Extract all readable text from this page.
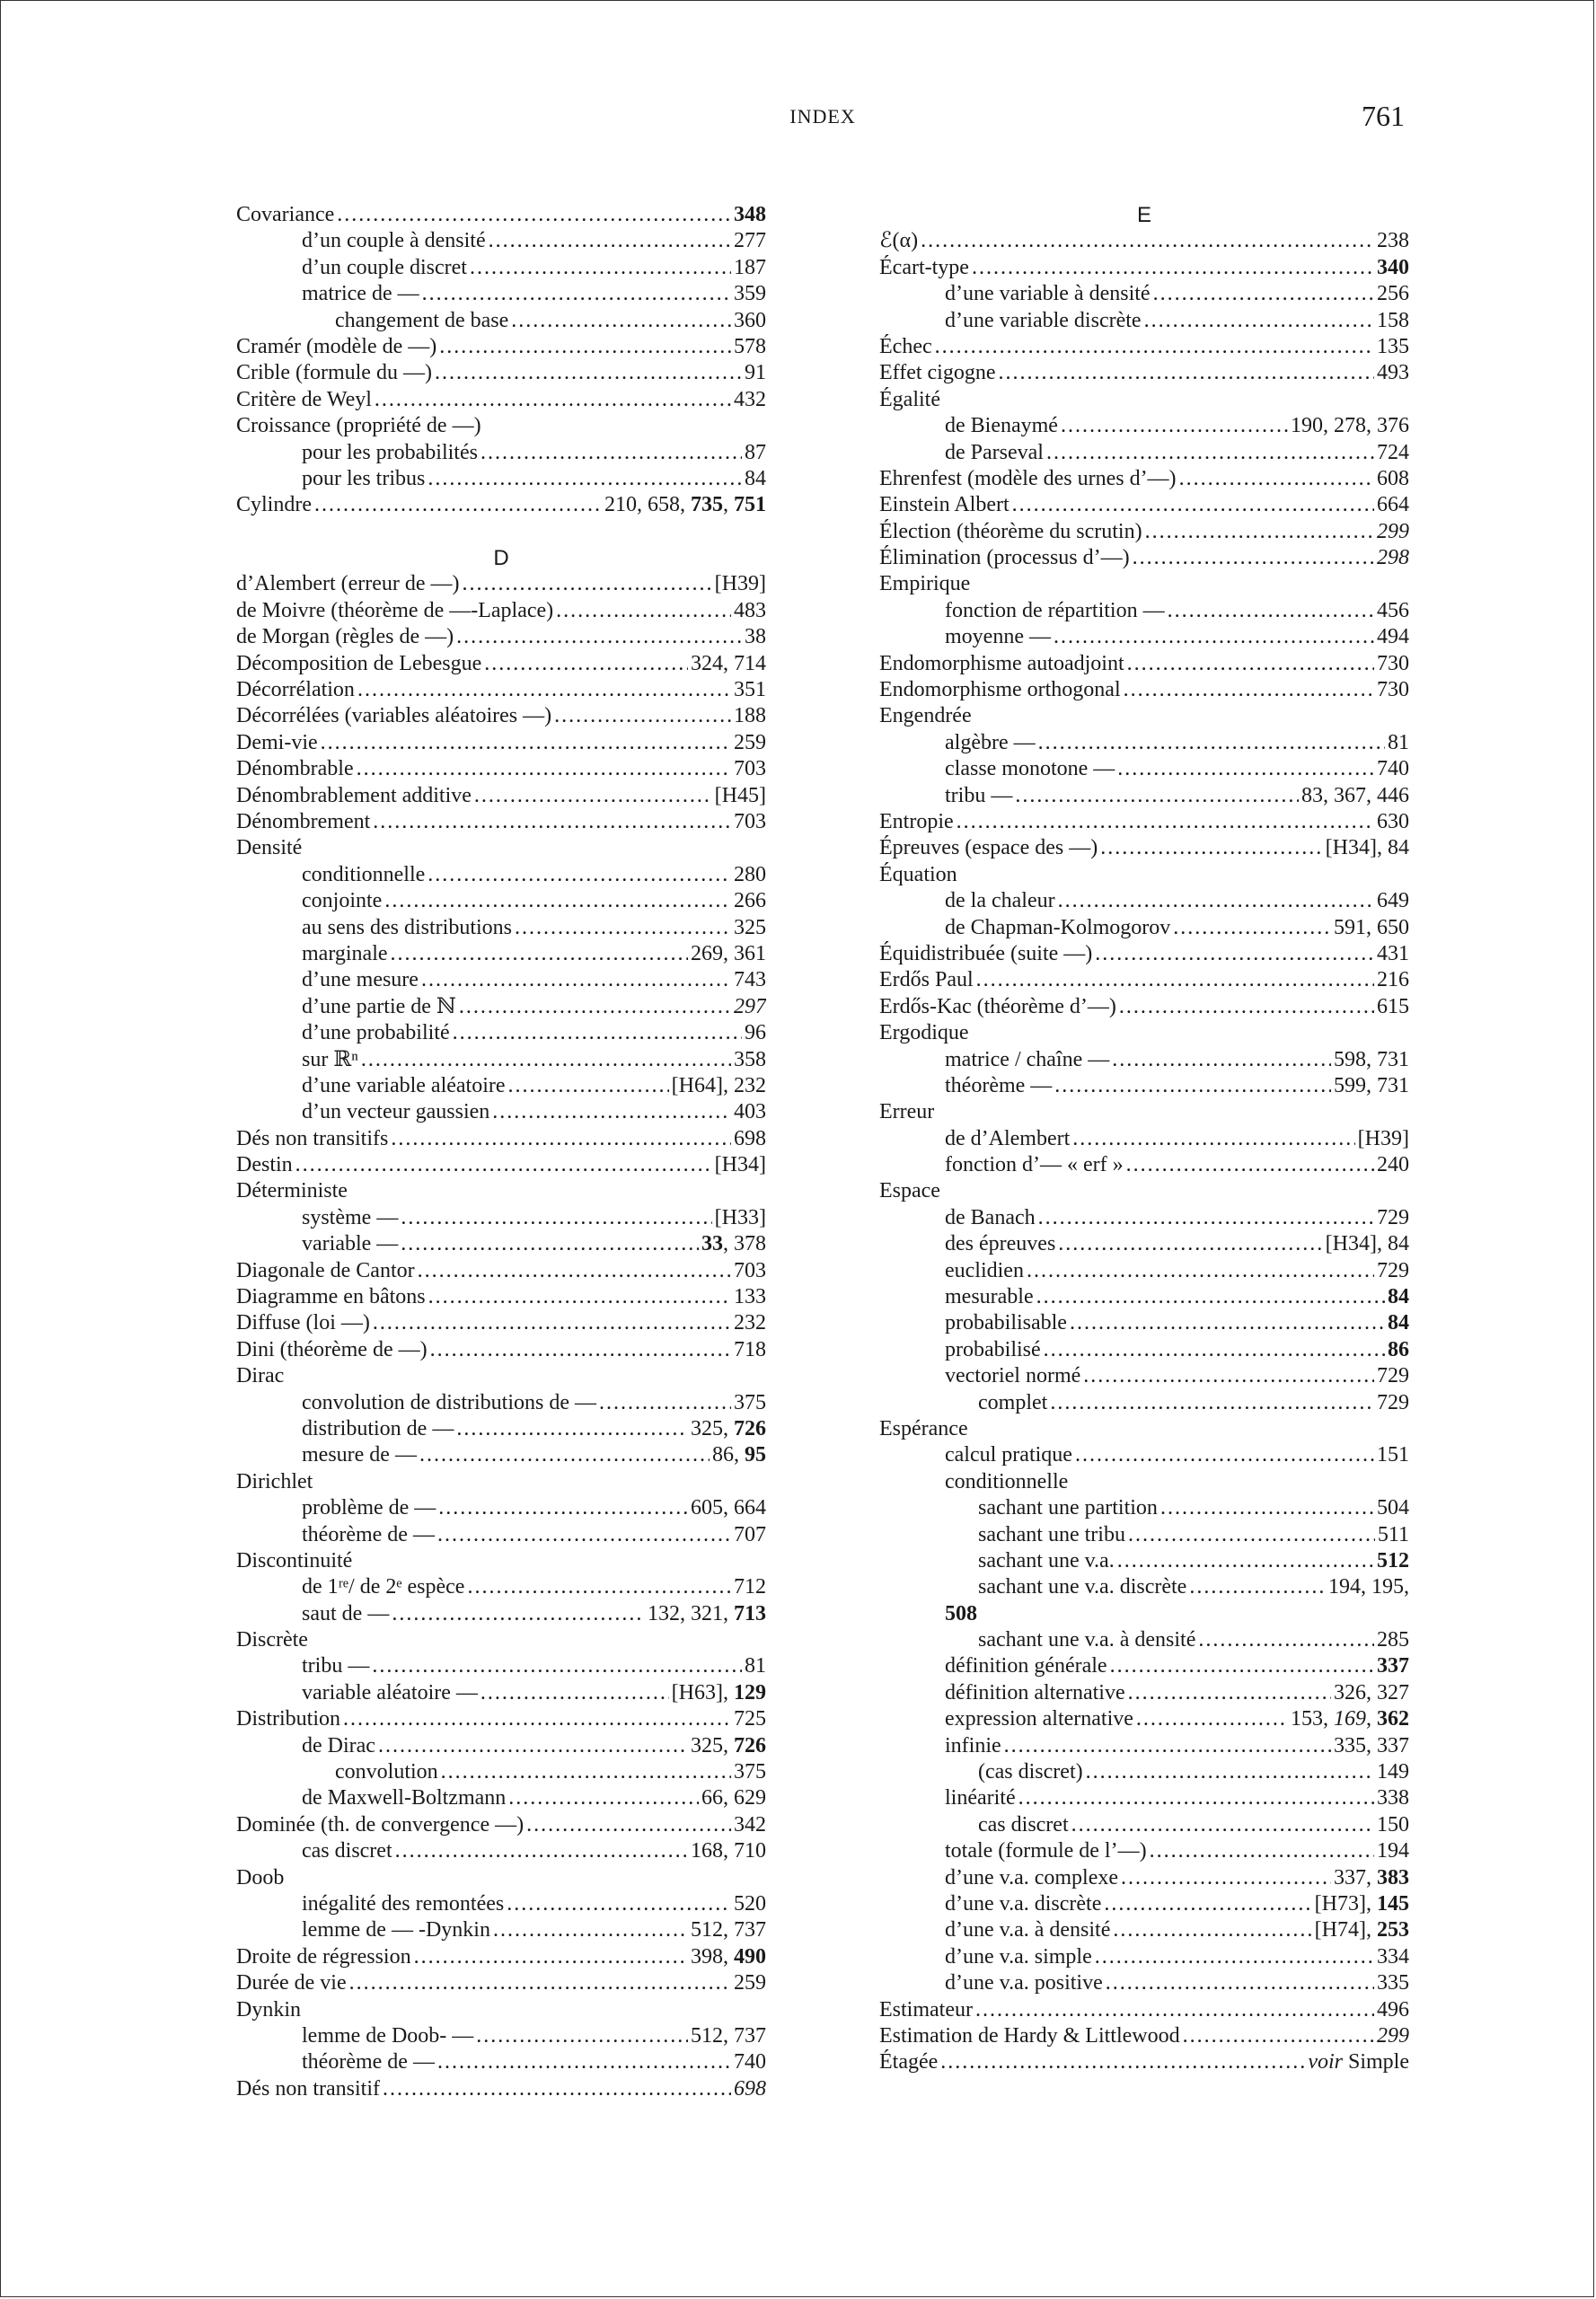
INDEX	761
Covariance .....	348
d’un couple à densité .....	277
d’un couple discret .....	187
matrice de — .....	359
changement de base .....	360
Cramér (modèle de —) .....	578
Crible (formule du —) .....	91
Critère de Weyl .....	432
Croissance (propriété de —)
pour les probabilités .....	87
pour les tribus .....	84
Cylindre .....	210, 658, 735, 751
D
d’Alembert (erreur de —) .....	[H39]
de Moivre (théorème de —-Laplace) .....	483
de Morgan (règles de —) .....	38
Décomposition de Lebesgue .....	324, 714
Décorrélation .....	351
Décorrélées (variables aléatoires —) .....	188
Demi-vie .....	259
Dénombrable .....	703
Dénombrablement additive .....	[H45]
Dénombrement .....	703
Densité
conditionnelle .....	280
conjointe .....	266
au sens des distributions .....	325
marginale .....	269, 361
d’une mesure .....	743
d’une partie de ℕ .....	297
d’une probabilité .....	96
sur ℝⁿ .....	358
d’une variable aléatoire .....	[H64], 232
d’un vecteur gaussien .....	403
Dés non transitifs .....	698
Destin .....	[H34]
Déterministe
système — .....	[H33]
variable — .....	33, 378
Diagonale de Cantor .....	703
Diagramme en bâtons .....	133
Diffuse (loi —) .....	232
Dini (théorème de —) .....	718
Dirac
convolution de distributions de — .....	375
distribution de — .....	325, 726
mesure de — .....	86, 95
Dirichlet
problème de — .....	605, 664
théorème de — .....	707
Discontinuité
de 1ʳᵉ/ de 2ᵉ espèce .....	712
saut de — .....	132, 321, 713
Discrète
tribu — .....	81
variable aléatoire — .....	[H63], 129
Distribution .....	725
de Dirac .....	325, 726
convolution .....	375
de Maxwell-Boltzmann .....	66, 629
Dominée (th. de convergence —) .....	342
cas discret .....	168, 710
Doob
inégalité des remontées .....	520
lemme de — -Dynkin .....	512, 737
Droite de régression .....	398, 490
Durée de vie .....	259
Dynkin
lemme de Doob- — .....	512, 737
théorème de — .....	740
Dés non transitif .....	698
E
ℰ(α) .....	238
Écart-type .....	340
d’une variable à densité .....	256
d’une variable discrète .....	158
Échec .....	135
Effet cigogne .....	493
Égalité
de Bienaymé .....	190, 278, 376
de Parseval .....	724
Ehrenfest (modèle des urnes d’—) .....	608
Einstein Albert .....	664
Élection (théorème du scrutin) .....	299
Élimination (processus d’—) .....	298
Empirique
fonction de répartition — .....	456
moyenne — .....	494
Endomorphisme autoadjoint .....	730
Endomorphisme orthogonal .....	730
Engendrée
algèbre — .....	81
classe monotone — .....	740
tribu — .....	83, 367, 446
Entropie .....	630
Épreuves (espace des —) .....	[H34], 84
Équation
de la chaleur .....	649
de Chapman-Kolmogorov .....	591, 650
Équidistribuée (suite —) .....	431
Erdős Paul .....	216
Erdős-Kac (théorème d’—) .....	615
Ergodique
matrice / chaîne — .....	598, 731
théorème — .....	599, 731
Erreur
de d’Alembert .....	[H39]
fonction d’— « erf » .....	240
Espace
de Banach .....	729
des épreuves .....	[H34], 84
euclidien .....	729
mesurable .....	84
probabilisable .....	84
probabilisé .....	86
vectoriel normé .....	729
complet .....	729
Espérance
calcul pratique .....	151
conditionnelle
sachant une partition .....	504
sachant une tribu .....	511
sachant une v.a. .....	512
sachant une v.a. discrète .....	194, 195,
508
sachant une v.a. à densité .....	285
définition générale .....	337
définition alternative .....	326, 327
expression alternative .....	153, 169, 362
infinie .....	335, 337
(cas discret) .....	149
linéarité .....	338
cas discret .....	150
totale (formule de l’—) .....	194
d’une v.a. complexe .....	337, 383
d’une v.a. discrète .....	[H73], 145
d’une v.a. à densité .....	[H74], 253
d’une v.a. simple .....	334
d’une v.a. positive .....	335
Estimateur .....	496
Estimation de Hardy & Littlewood .....	299
Étagée .....	voir Simple
